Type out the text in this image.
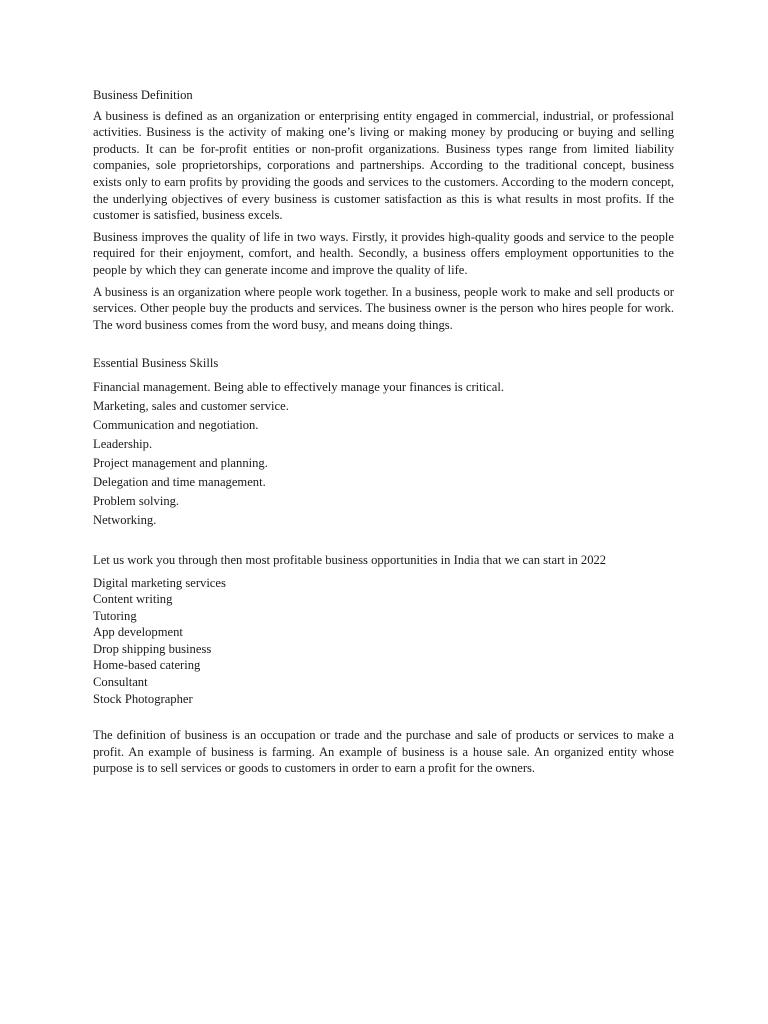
Business Definition

A business is defined as an organization or enterprising entity engaged in commercial, industrial, or professional activities. Business is the activity of making one’s living or making money by producing or buying and selling products. It can be for-profit entities or non-profit organizations. Business types range from limited liability companies, sole proprietorships, corporations and partnerships. According to the traditional concept, business exists only to earn profits by providing the goods and services to the customers. According to the modern concept, the underlying objectives of every business is customer satisfaction as this is what results in most profits. If the customer is satisfied, business excels.

Business improves the quality of life in two ways. Firstly, it provides high-quality goods and service to the people required for their enjoyment, comfort, and health. Secondly, a business offers employment opportunities to the people by which they can generate income and improve the quality of life.

A business is an organization where people work together. In a business, people work to make and sell products or services. Other people buy the products and services. The business owner is the person who hires people for work. The word business comes from the word busy, and means doing things.

Essential Business Skills

Financial management. Being able to effectively manage your finances is critical.
Marketing, sales and customer service.
Communication and negotiation.
Leadership.
Project management and planning.
Delegation and time management.
Problem solving.
Networking.

Let us work you through then most profitable business opportunities in India that we can start in 2022

Digital marketing services
Content writing
Tutoring
App development
Drop shipping business
Home-based catering
Consultant
Stock Photographer

The definition of business is an occupation or trade and the purchase and sale of products or services to make a profit. An example of business is farming. An example of business is a house sale. An organized entity whose purpose is to sell services or goods to customers in order to earn a profit for the owners.
